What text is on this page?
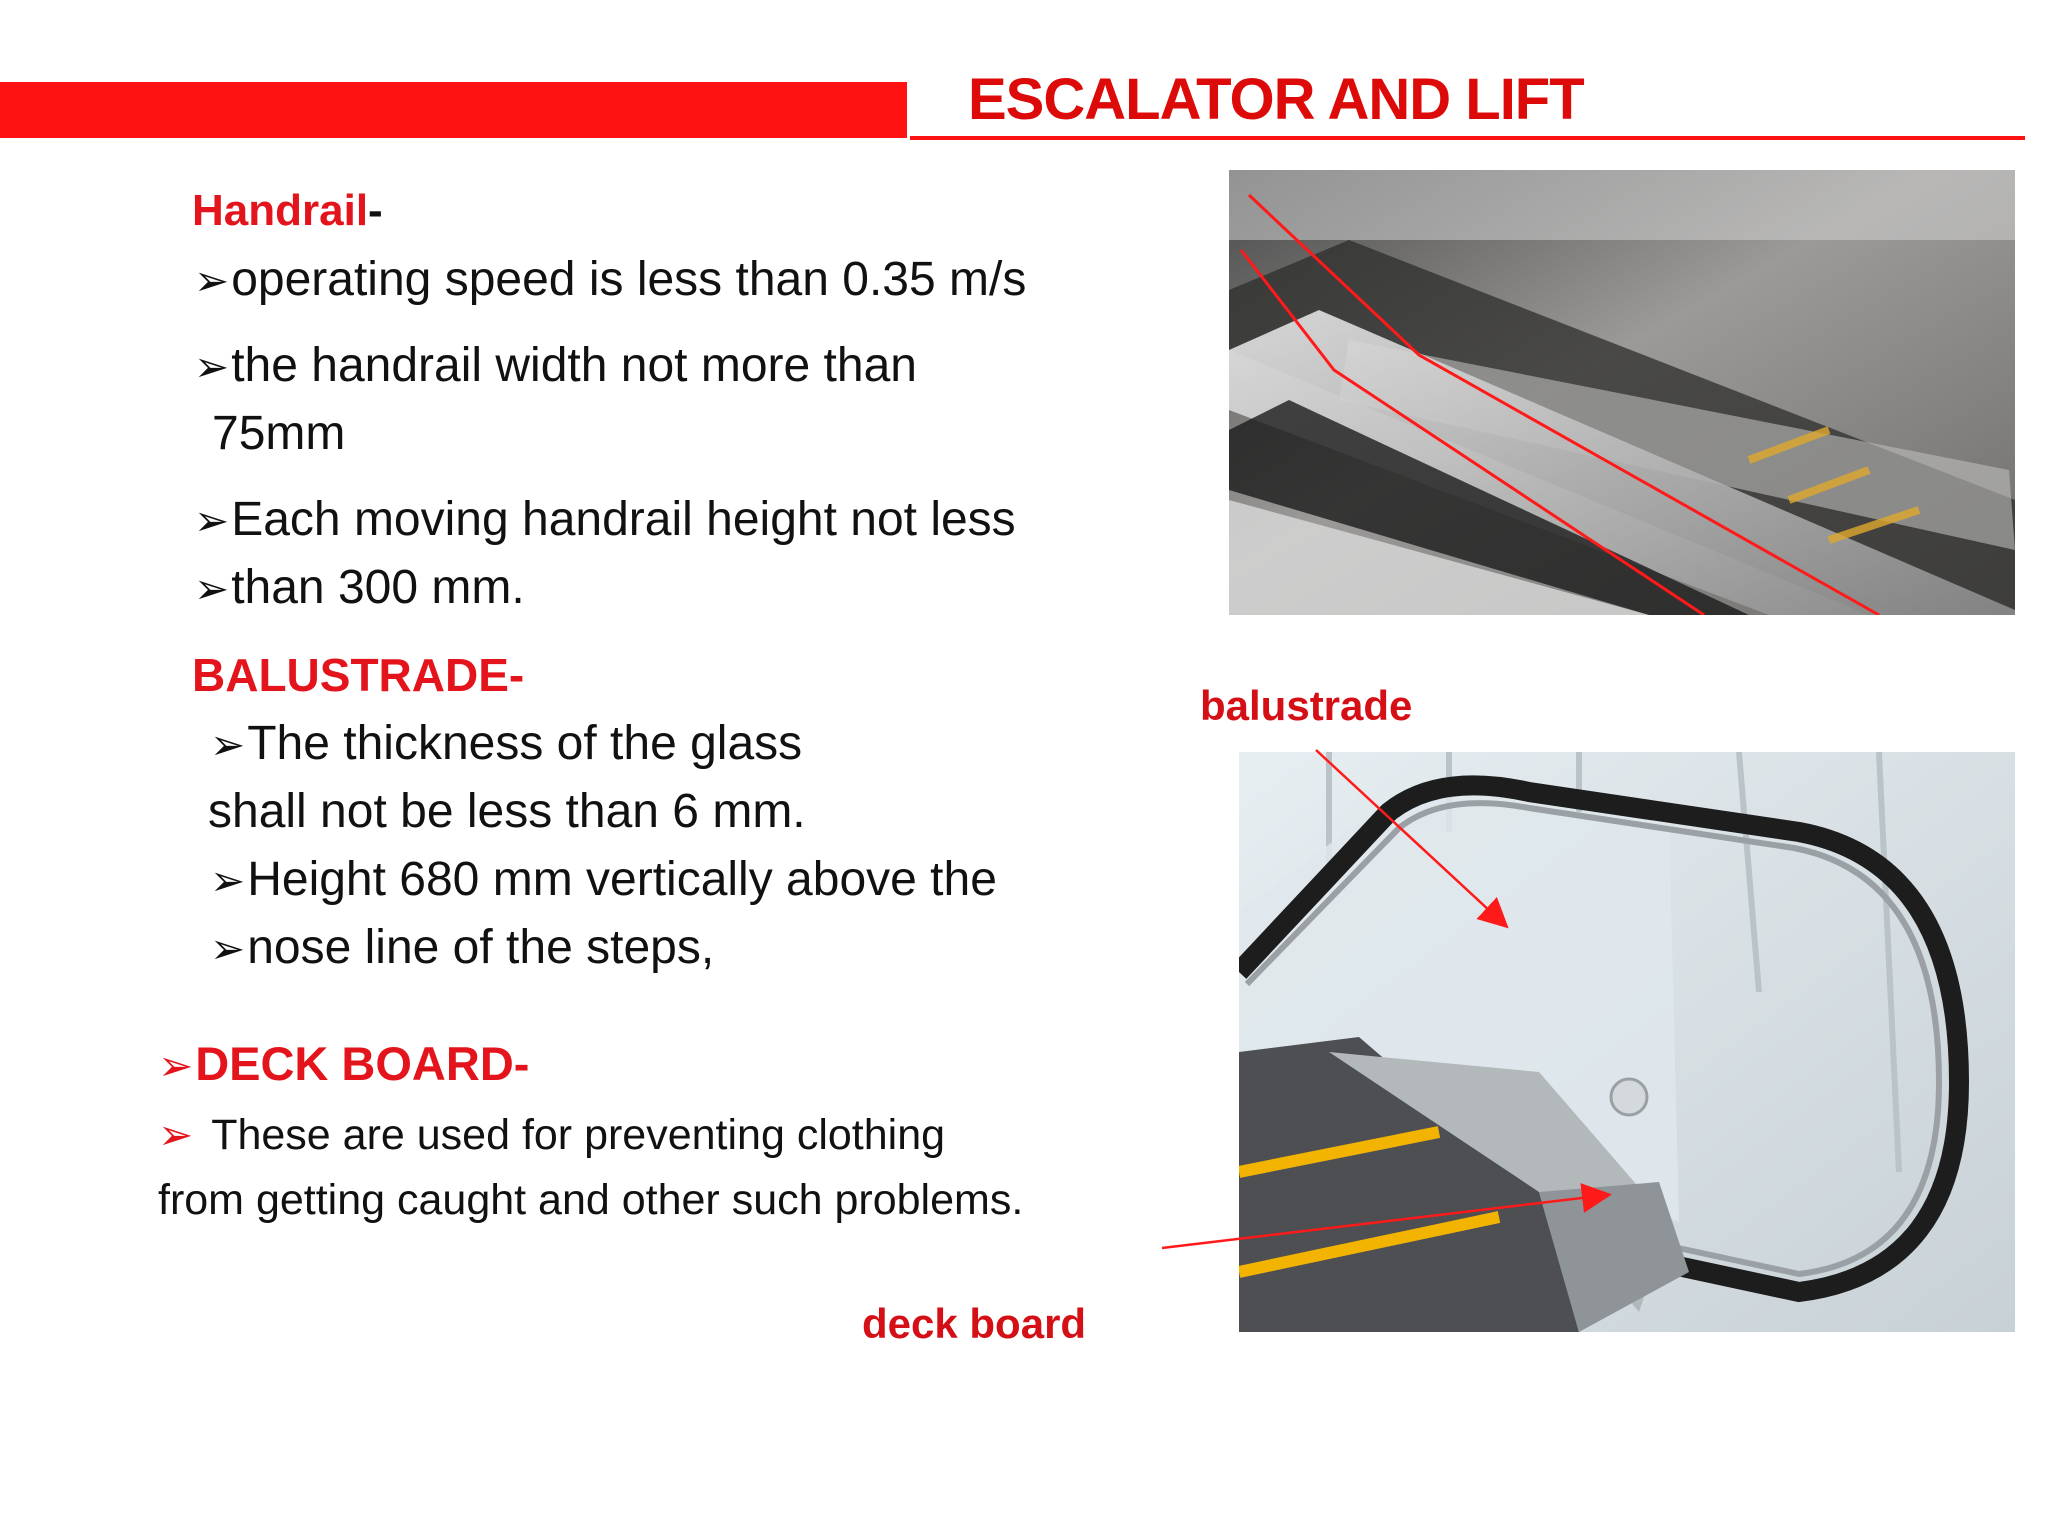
ESCALATOR AND LIFT
Handrail-
➢operating speed is less than 0.35 m/s
➢the handrail width not more than
75mm
➢Each moving handrail height not less
➢than 300 mm.
BALUSTRADE-
➢The thickness of the glass
shall not be less than 6 mm.
➢Height 680 mm vertically above the
➢nose line of the steps,
➢DECK BOARD-
➢ These are used for preventing clothing
from getting caught and other such problems.
balustrade
deck board
